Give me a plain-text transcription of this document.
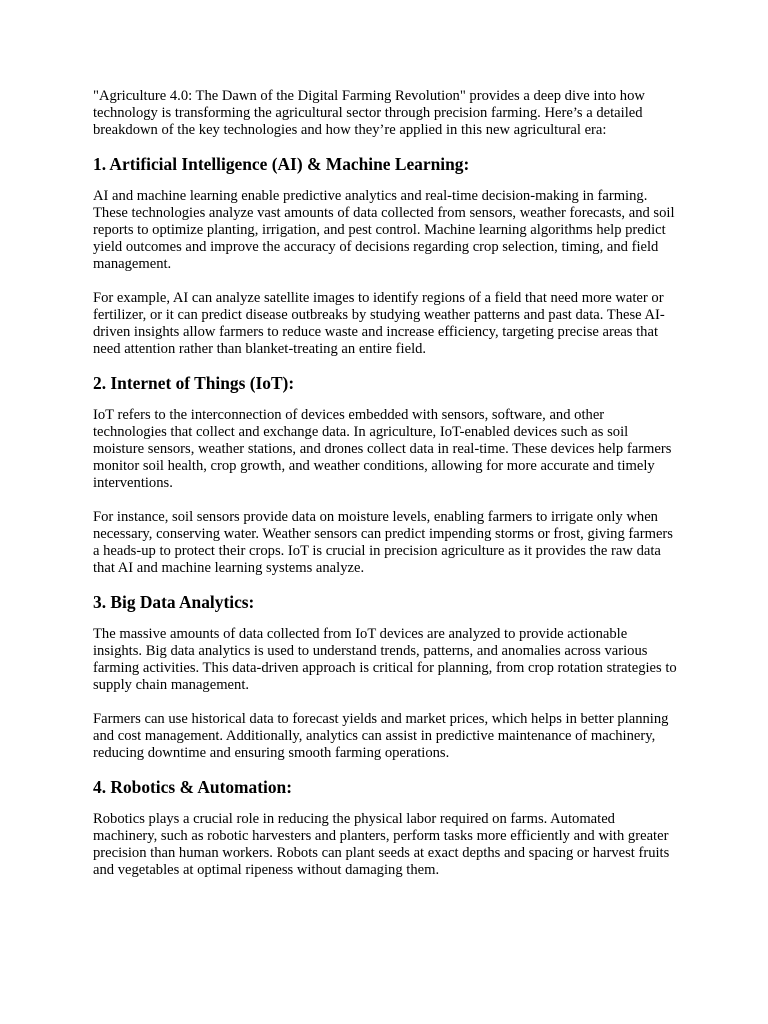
"Agriculture 4.0: The Dawn of the Digital Farming Revolution" provides a deep dive into how technology is transforming the agricultural sector through precision farming. Here’s a detailed breakdown of the key technologies and how they’re applied in this new agricultural era:

1. Artificial Intelligence (AI) & Machine Learning:

AI and machine learning enable predictive analytics and real-time decision-making in farming. These technologies analyze vast amounts of data collected from sensors, weather forecasts, and soil reports to optimize planting, irrigation, and pest control. Machine learning algorithms help predict yield outcomes and improve the accuracy of decisions regarding crop selection, timing, and field management.

For example, AI can analyze satellite images to identify regions of a field that need more water or fertilizer, or it can predict disease outbreaks by studying weather patterns and past data. These AI-driven insights allow farmers to reduce waste and increase efficiency, targeting precise areas that need attention rather than blanket-treating an entire field.

2. Internet of Things (IoT):

IoT refers to the interconnection of devices embedded with sensors, software, and other technologies that collect and exchange data. In agriculture, IoT-enabled devices such as soil moisture sensors, weather stations, and drones collect data in real-time. These devices help farmers monitor soil health, crop growth, and weather conditions, allowing for more accurate and timely interventions.

For instance, soil sensors provide data on moisture levels, enabling farmers to irrigate only when necessary, conserving water. Weather sensors can predict impending storms or frost, giving farmers a heads-up to protect their crops. IoT is crucial in precision agriculture as it provides the raw data that AI and machine learning systems analyze.

3. Big Data Analytics:

The massive amounts of data collected from IoT devices are analyzed to provide actionable insights. Big data analytics is used to understand trends, patterns, and anomalies across various farming activities. This data-driven approach is critical for planning, from crop rotation strategies to supply chain management.

Farmers can use historical data to forecast yields and market prices, which helps in better planning and cost management. Additionally, analytics can assist in predictive maintenance of machinery, reducing downtime and ensuring smooth farming operations.

4. Robotics & Automation:

Robotics plays a crucial role in reducing the physical labor required on farms. Automated machinery, such as robotic harvesters and planters, perform tasks more efficiently and with greater precision than human workers. Robots can plant seeds at exact depths and spacing or harvest fruits and vegetables at optimal ripeness without damaging them.
